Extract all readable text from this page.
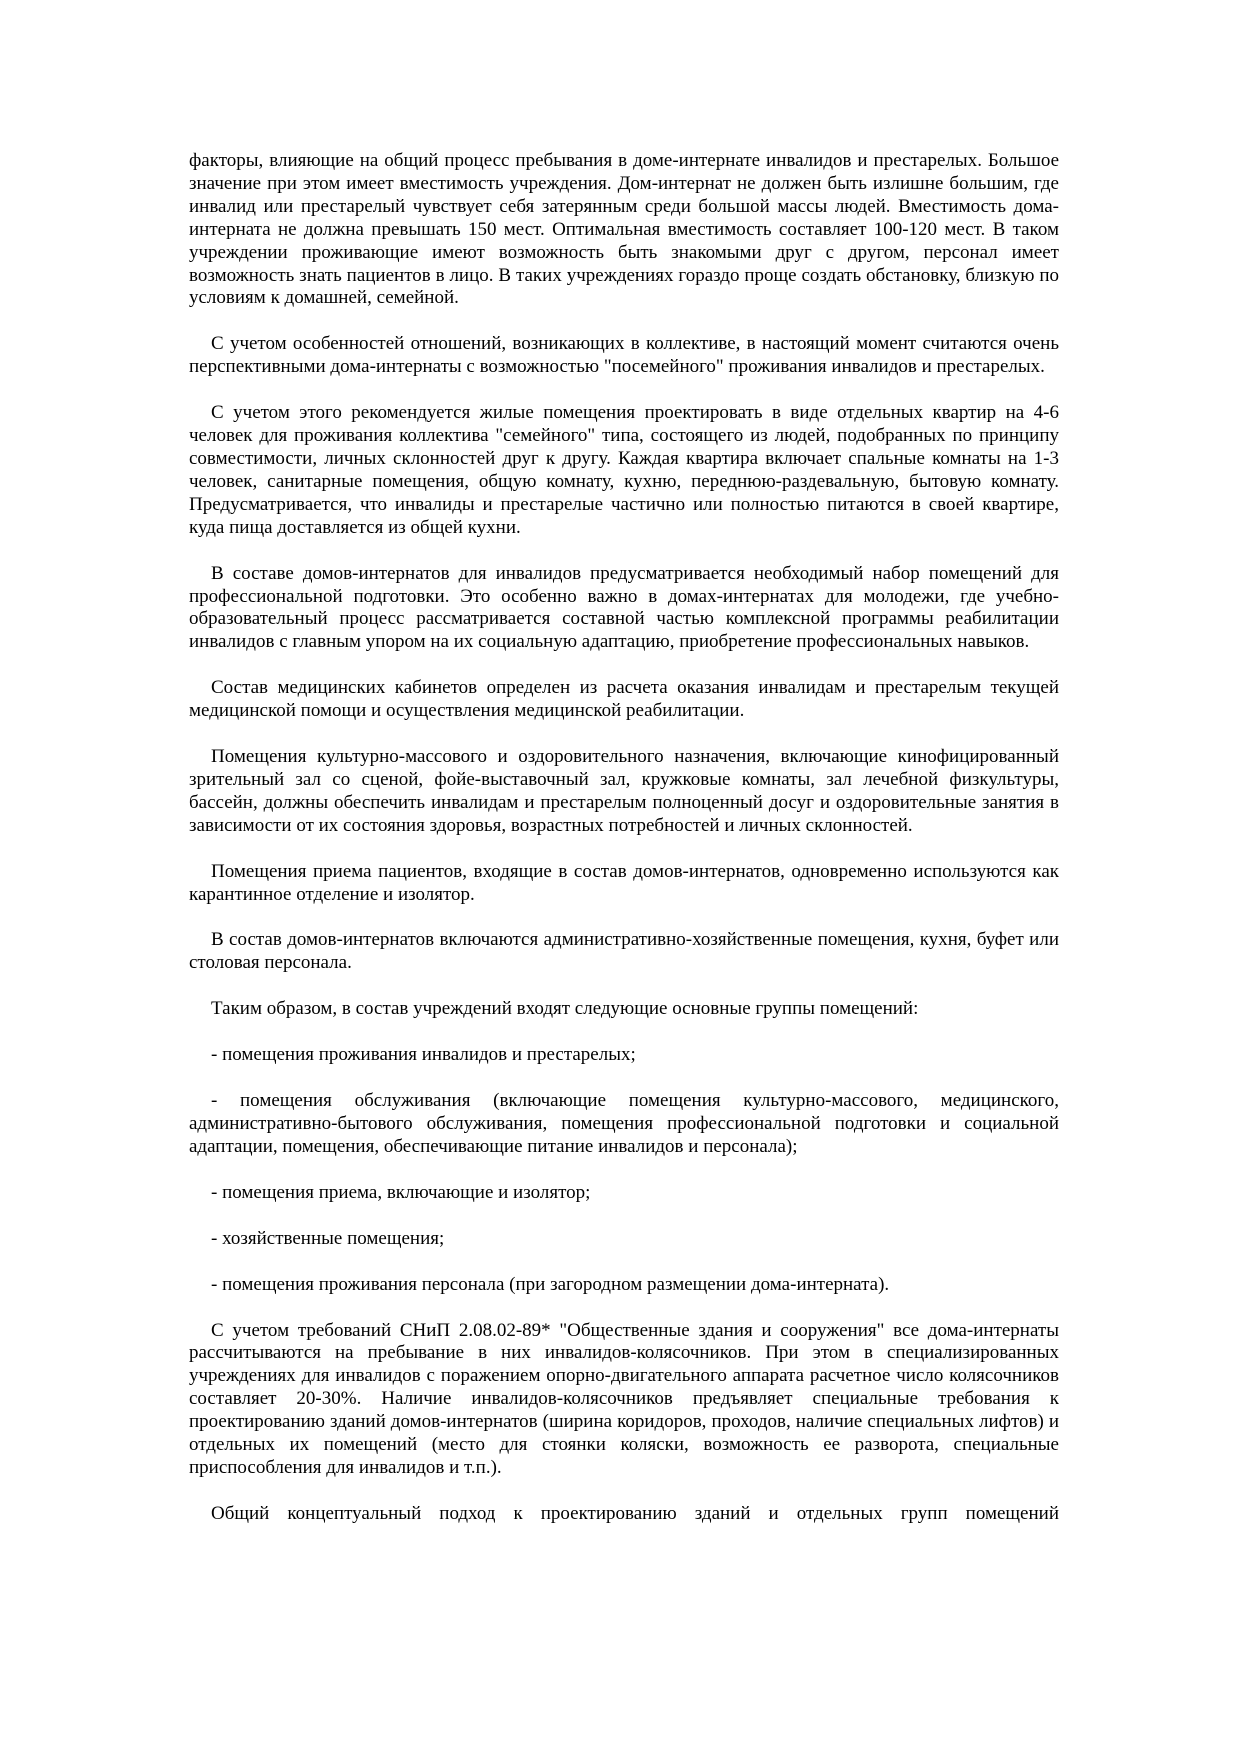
факторы, влияющие на общий процесс пребывания в доме-интернате инвалидов и престарелых. Большое значение при этом имеет вместимость учреждения. Дом-интернат не должен быть излишне большим, где инвалид или престарелый чувствует себя затерянным среди большой массы людей. Вместимость дома-интерната не должна превышать 150 мест. Оптимальная вместимость составляет 100-120 мест. В таком учреждении проживающие имеют возможность быть знакомыми друг с другом, персонал имеет возможность знать пациентов в лицо. В таких учреждениях гораздо проще создать обстановку, близкую по условиям к домашней, семейной.

С учетом особенностей отношений, возникающих в коллективе, в настоящий момент считаются очень перспективными дома-интернаты с возможностью "посемейного" проживания инвалидов и престарелых.

С учетом этого рекомендуется жилые помещения проектировать в виде отдельных квартир на 4-6 человек для проживания коллектива "семейного" типа, состоящего из людей, подобранных по принципу совместимости, личных склонностей друг к другу. Каждая квартира включает спальные комнаты на 1-3 человек, санитарные помещения, общую комнату, кухню, переднюю-раздевальную, бытовую комнату. Предусматривается, что инвалиды и престарелые частично или полностью питаются в своей квартире, куда пища доставляется из общей кухни.

В составе домов-интернатов для инвалидов предусматривается необходимый набор помещений для профессиональной подготовки. Это особенно важно в домах-интернатах для молодежи, где учебно-образовательный процесс рассматривается составной частью комплексной программы реабилитации инвалидов с главным упором на их социальную адаптацию, приобретение профессиональных навыков.

Состав медицинских кабинетов определен из расчета оказания инвалидам и престарелым текущей медицинской помощи и осуществления медицинской реабилитации.

Помещения культурно-массового и оздоровительного назначения, включающие кинофицированный зрительный зал со сценой, фойе-выставочный зал, кружковые комнаты, зал лечебной физкультуры, бассейн, должны обеспечить инвалидам и престарелым полноценный досуг и оздоровительные занятия в зависимости от их состояния здоровья, возрастных потребностей и личных склонностей.

Помещения приема пациентов, входящие в состав домов-интернатов, одновременно используются как карантинное отделение и изолятор.

В состав домов-интернатов включаются административно-хозяйственные помещения, кухня, буфет или столовая персонала.

Таким образом, в состав учреждений входят следующие основные группы помещений:

- помещения проживания инвалидов и престарелых;

- помещения обслуживания (включающие помещения культурно-массового, медицинского, административно-бытового обслуживания, помещения профессиональной подготовки и социальной адаптации, помещения, обеспечивающие питание инвалидов и персонала);

- помещения приема, включающие и изолятор;

- хозяйственные помещения;

- помещения проживания персонала (при загородном размещении дома-интерната).

С учетом требований СНиП 2.08.02-89* "Общественные здания и сооружения" все дома-интернаты рассчитываются на пребывание в них инвалидов-колясочников. При этом в специализированных учреждениях для инвалидов с поражением опорно-двигательного аппарата расчетное число колясочников составляет 20-30%. Наличие инвалидов-колясочников предъявляет специальные требования к проектированию зданий домов-интернатов (ширина коридоров, проходов, наличие специальных лифтов) и отдельных их помещений (место для стоянки коляски, возможность ее разворота, специальные приспособления для инвалидов и т.п.).

Общий концептуальный подход к проектированию зданий и отдельных групп помещений
